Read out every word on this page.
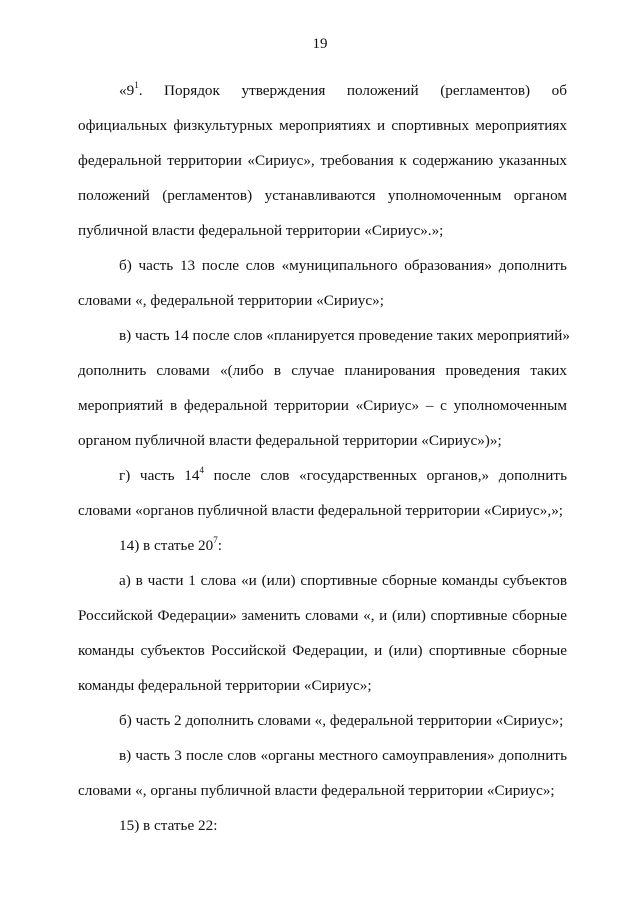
19
«$9^1$. Порядок утверждения положений (регламентов) об
официальных физкультурных мероприятиях и спортивных мероприятиях
федеральной территории «Сириус», требования к содержанию указанных
положений (регламентов) устанавливаются уполномоченным органом
публичной власти федеральной территории «Сириус».»;
б) часть 13 после слов «муниципального образования» дополнить
словами «, федеральной территории «Сириус»;
в) часть 14 после слов «планируется проведение таких мероприятий»
дополнить словами «(либо в случае планирования проведения таких
мероприятий в федеральной территории «Сириус» – с уполномоченным
органом публичной власти федеральной территории «Сириус»)»;
г) часть $14^4$ после слов «государственных органов,» дополнить
словами «органов публичной власти федеральной территории «Сириус»,»;
14) в статье $20^7$:
а) в части 1 слова «и (или) спортивные сборные команды субъектов
Российской Федерации» заменить словами «, и (или) спортивные сборные
команды субъектов Российской Федерации, и (или) спортивные сборные
команды федеральной территории «Сириус»;
б) часть 2 дополнить словами «, федеральной территории «Сириус»;
в) часть 3 после слов «органы местного самоуправления» дополнить
словами «, органы публичной власти федеральной территории «Сириус»;
15) в статье 22:
